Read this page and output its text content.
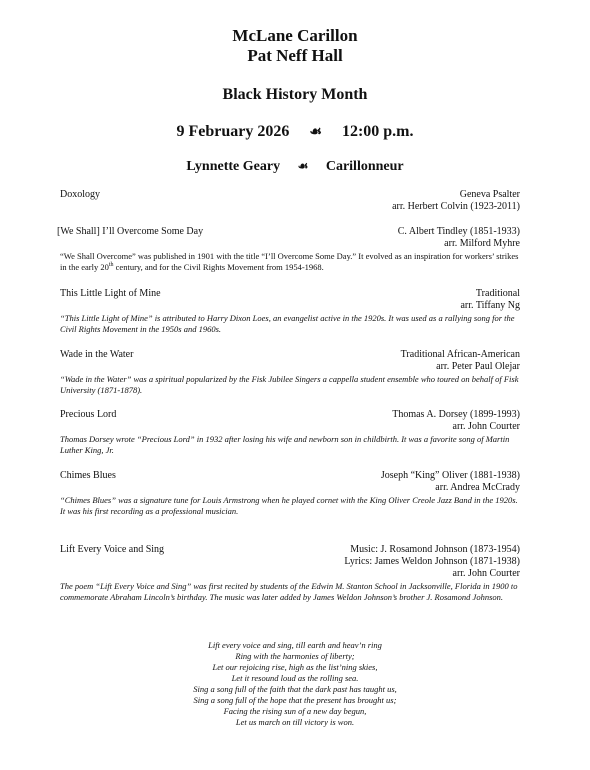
McLane Carillon
Pat Neff Hall
Black History Month
9 February 2026 ☙ 12:00 p.m.
Lynnette Geary ☙ Carillonneur
Doxology	Geneva Psalter
arr. Herbert Colvin (1923-2011)
[We Shall] I’ll Overcome Some Day	C. Albert Tindley (1851-1933)
arr. Milford Myhre
“We Shall Overcome” was published in 1901 with the title “I’ll Overcome Some Day.” It evolved as an inspiration for workers’ strikes in the early 20th century, and for the Civil Rights Movement from 1954-1968.
This Little Light of Mine	Traditional
arr. Tiffany Ng
“This Little Light of Mine” is attributed to Harry Dixon Loes, an evangelist active in the 1920s. It was used as a rallying song for the Civil Rights Movement in the 1950s and 1960s.
Wade in the Water	Traditional African-American
arr. Peter Paul Olejar
“Wade in the Water” was a spiritual popularized by the Fisk Jubilee Singers a cappella student ensemble who toured on behalf of Fisk University (1871-1878).
Precious Lord	Thomas A. Dorsey (1899-1993)
arr. John Courter
Thomas Dorsey wrote “Precious Lord” in 1932 after losing his wife and newborn son in childbirth. It was a favorite song of Martin Luther King, Jr.
Chimes Blues	Joseph “King” Oliver (1881-1938)
arr. Andrea McCrady
“Chimes Blues” was a signature tune for Louis Armstrong when he played cornet with the King Oliver Creole Jazz Band in the 1920s. It was his first recording as a professional musician.
Lift Every Voice and Sing	Music: J. Rosamond Johnson (1873-1954)
Lyrics: James Weldon Johnson (1871-1938)
arr. John Courter
The poem “Lift Every Voice and Sing” was first recited by students of the Edwin M. Stanton School in Jacksonville, Florida in 1900 to commemorate Abraham Lincoln’s birthday. The music was later added by James Weldon Johnson’s brother J. Rosamond Johnson.
Lift every voice and sing, till earth and heav’n ring
Ring with the harmonies of liberty;
Let our rejoicing rise, high as the list’ning skies,
Let it resound loud as the rolling sea.
Sing a song full of the faith that the dark past has taught us,
Sing a song full of the hope that the present has brought us;
Facing the rising sun of a new day begun,
Let us march on till victory is won.
